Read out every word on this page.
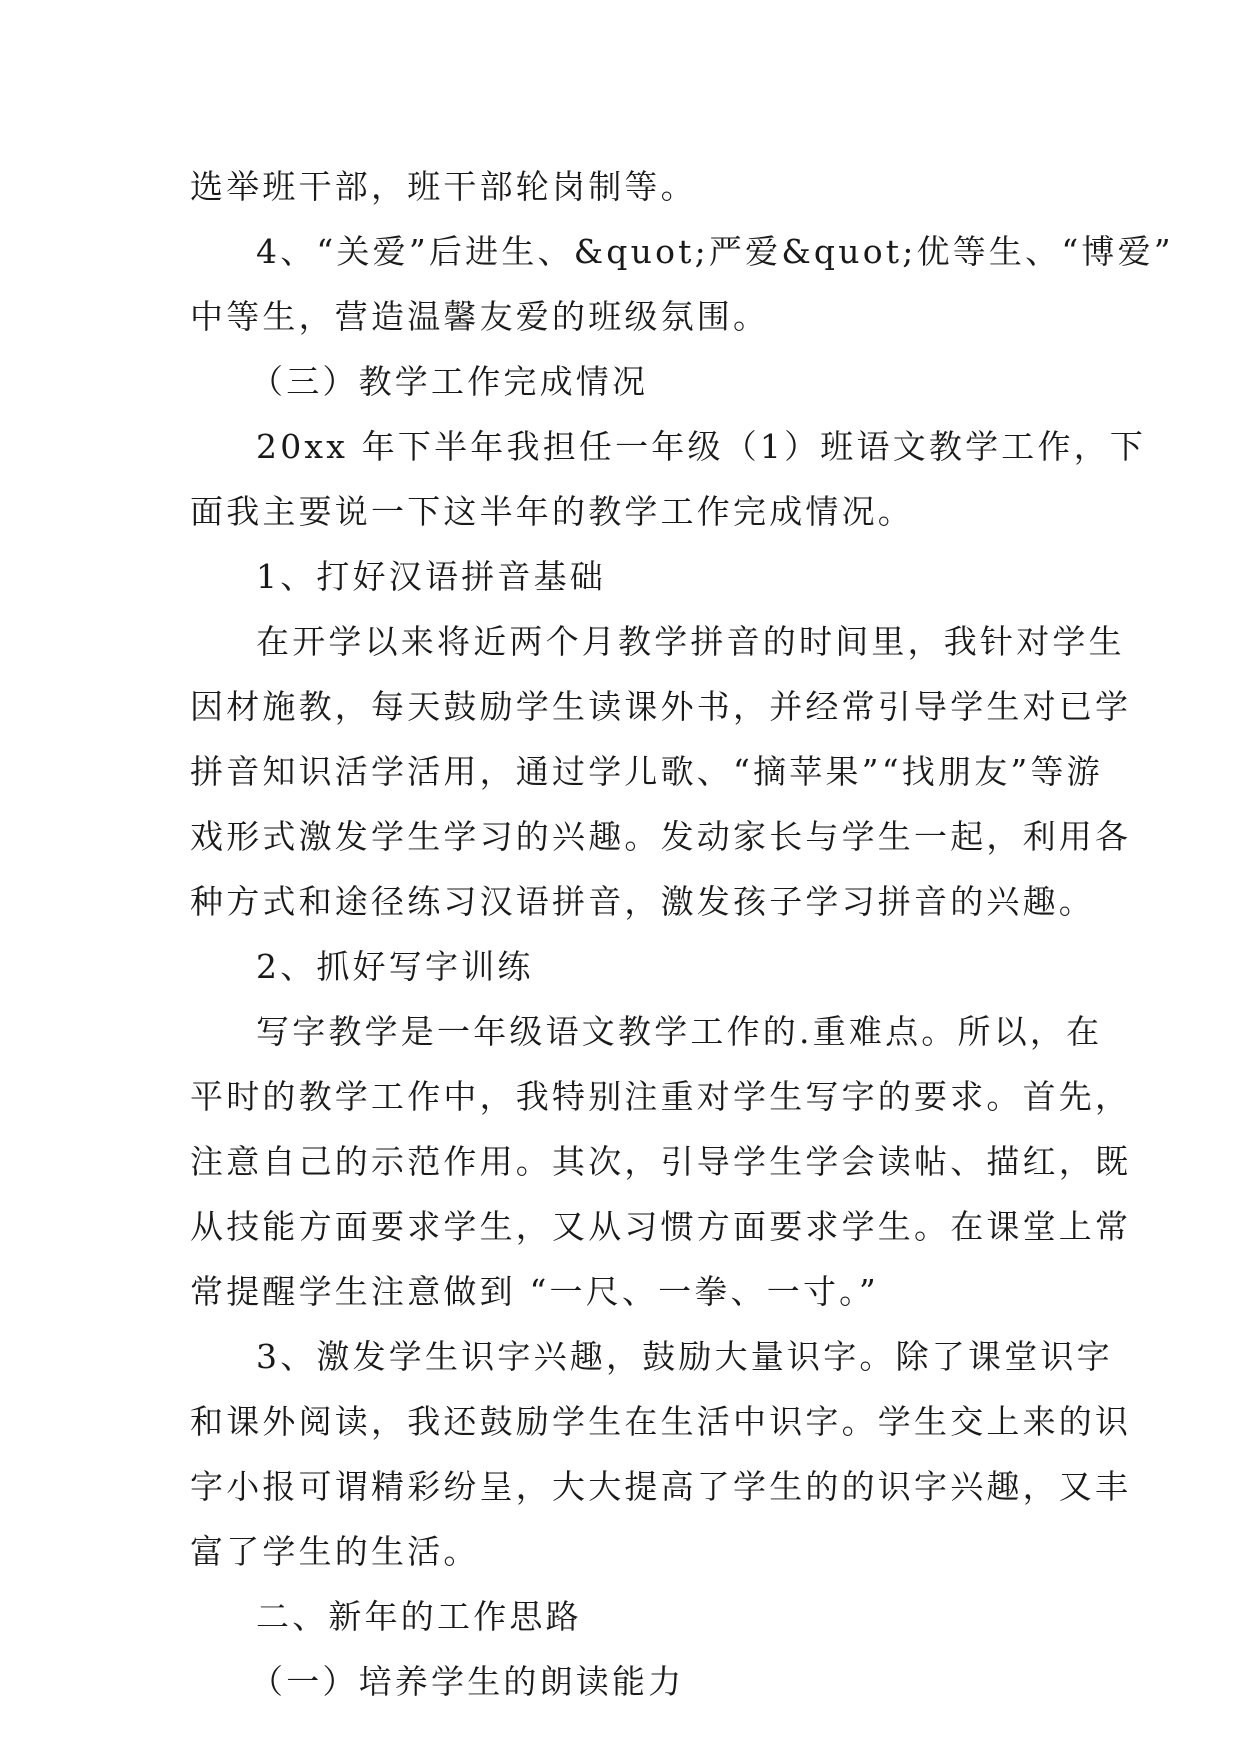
选举班干部，班干部轮岗制等。
4、“关爱”后进生、&quot;严爱&quot;优等生、“博爱”
中等生，营造温馨友爱的班级氛围。
（三）教学工作完成情况
20xx 年下半年我担任一年级（1）班语文教学工作，下
面我主要说一下这半年的教学工作完成情况。
1、打好汉语拼音基础
在开学以来将近两个月教学拼音的时间里，我针对学生
因材施教，每天鼓励学生读课外书，并经常引导学生对已学
拼音知识活学活用，通过学儿歌、“摘苹果”“找朋友”等游
戏形式激发学生学习的兴趣。发动家长与学生一起，利用各
种方式和途径练习汉语拼音，激发孩子学习拼音的兴趣。
2、抓好写字训练
写字教学是一年级语文教学工作的.重难点。所以，在
平时的教学工作中，我特别注重对学生写字的要求。首先，
注意自己的示范作用。其次，引导学生学会读帖、描红，既
从技能方面要求学生，又从习惯方面要求学生。在课堂上常
常提醒学生注意做到 “一尺、一拳、一寸。”
3、激发学生识字兴趣，鼓励大量识字。除了课堂识字
和课外阅读，我还鼓励学生在生活中识字。学生交上来的识
字小报可谓精彩纷呈，大大提高了学生的的识字兴趣，又丰
富了学生的生活。
二、新年的工作思路
（一）培养学生的朗读能力
